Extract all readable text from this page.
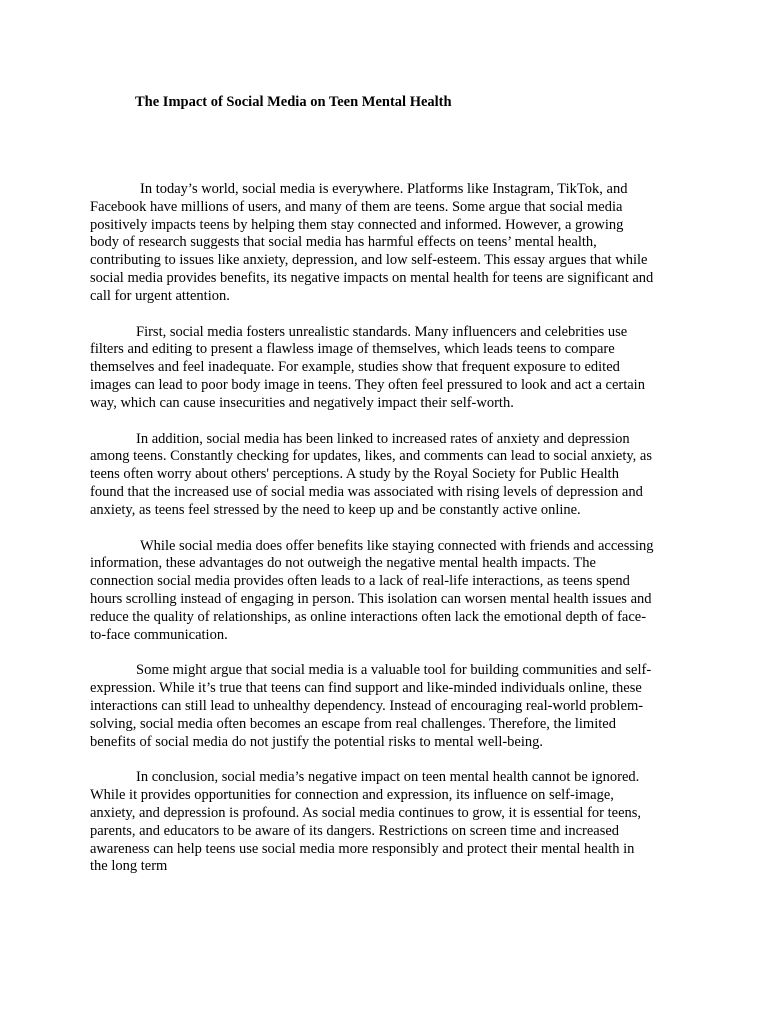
The Impact of Social Media on Teen Mental Health

In today’s world, social media is everywhere. Platforms like Instagram, TikTok, and
Facebook have millions of users, and many of them are teens. Some argue that social media
positively impacts teens by helping them stay connected and informed. However, a growing
body of research suggests that social media has harmful effects on teens’ mental health,
contributing to issues like anxiety, depression, and low self-esteem. This essay argues that while
social media provides benefits, its negative impacts on mental health for teens are significant and
call for urgent attention.

First, social media fosters unrealistic standards. Many influencers and celebrities use
filters and editing to present a flawless image of themselves, which leads teens to compare
themselves and feel inadequate. For example, studies show that frequent exposure to edited
images can lead to poor body image in teens. They often feel pressured to look and act a certain
way, which can cause insecurities and negatively impact their self-worth.

In addition, social media has been linked to increased rates of anxiety and depression
among teens. Constantly checking for updates, likes, and comments can lead to social anxiety, as
teens often worry about others' perceptions. A study by the Royal Society for Public Health
found that the increased use of social media was associated with rising levels of depression and
anxiety, as teens feel stressed by the need to keep up and be constantly active online.

While social media does offer benefits like staying connected with friends and accessing
information, these advantages do not outweigh the negative mental health impacts. The
connection social media provides often leads to a lack of real-life interactions, as teens spend
hours scrolling instead of engaging in person. This isolation can worsen mental health issues and
reduce the quality of relationships, as online interactions often lack the emotional depth of face-
to-face communication.

Some might argue that social media is a valuable tool for building communities and self-
expression. While it’s true that teens can find support and like-minded individuals online, these
interactions can still lead to unhealthy dependency. Instead of encouraging real-world problem-
solving, social media often becomes an escape from real challenges. Therefore, the limited
benefits of social media do not justify the potential risks to mental well-being.

In conclusion, social media’s negative impact on teen mental health cannot be ignored.
While it provides opportunities for connection and expression, its influence on self-image,
anxiety, and depression is profound. As social media continues to grow, it is essential for teens,
parents, and educators to be aware of its dangers. Restrictions on screen time and increased
awareness can help teens use social media more responsibly and protect their mental health in
the long term
